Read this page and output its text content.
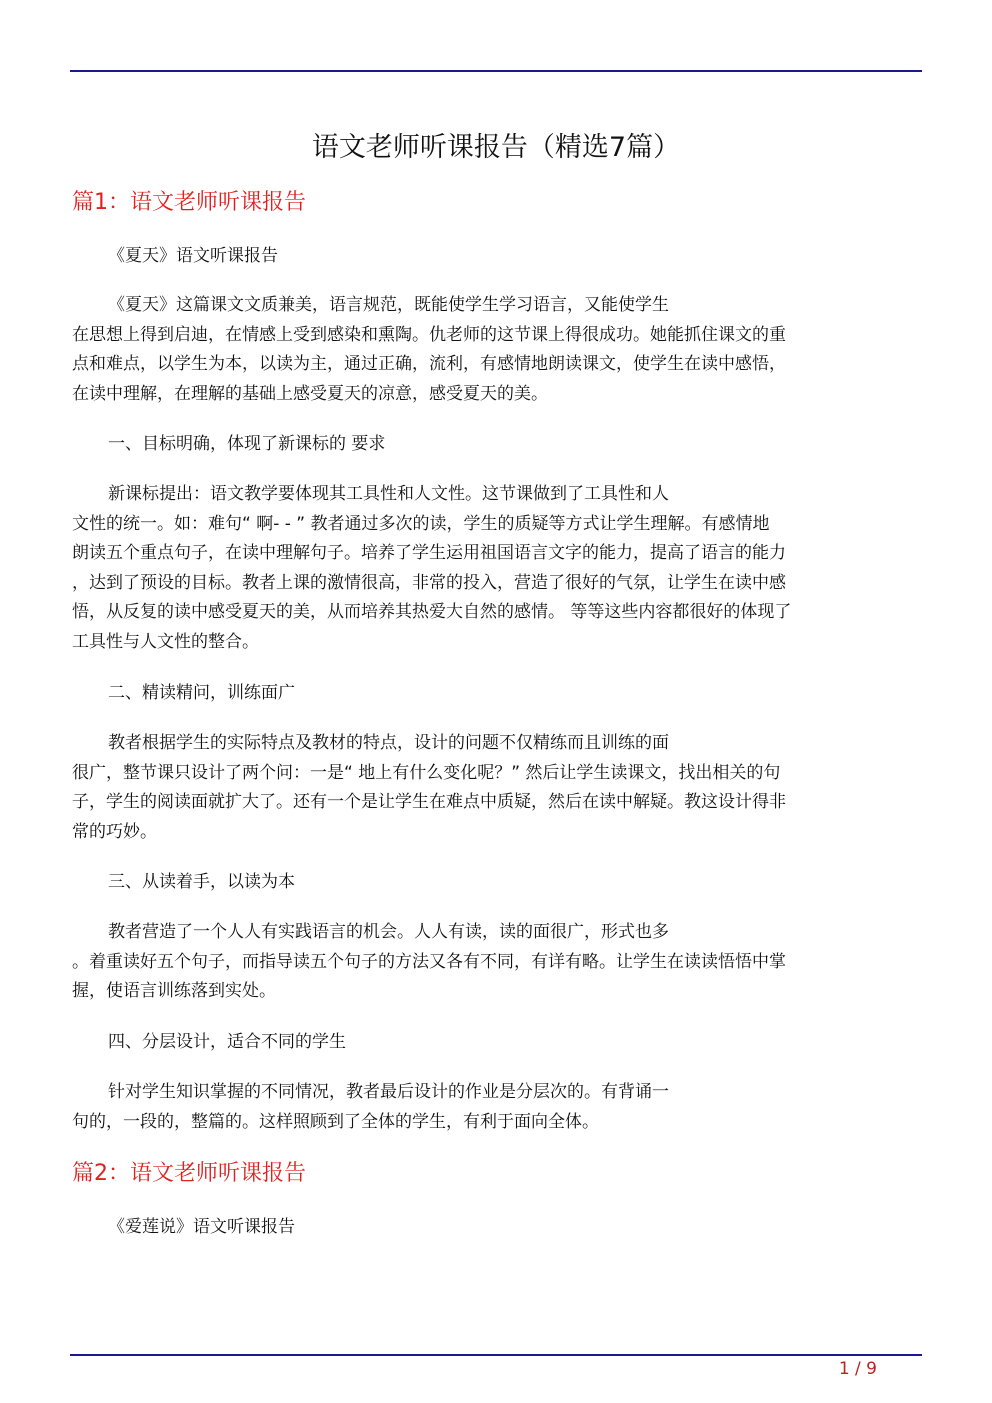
语文老师听课报告（精选7篇）
篇1：语文老师听课报告

《夏天》语文听课报告

《夏天》这篇课文文质兼美，语言规范，既能使学生学习语言，又能使学生
在思想上得到启迪，在情感上受到感染和熏陶。仇老师的这节课上得很成功。她能抓住课文的重
点和难点，以学生为本，以读为主，通过正确，流利，有感情地朗读课文，使学生在读中感悟，
在读中理解，在理解的基础上感受夏天的凉意，感受夏天的美。

一、目标明确，体现了新课标的 要求

新课标提出：语文教学要体现其工具性和人文性。这节课做到了工具性和人
文性的统一。如：难句“ 啊- - ” 教者通过多次的读，学生的质疑等方式让学生理解。有感情地
朗读五个重点句子，在读中理解句子。培养了学生运用祖国语言文字的能力，提高了语言的能力
，达到了预设的目标。教者上课的激情很高，非常的投入，营造了很好的气氛，让学生在读中感
悟，从反复的读中感受夏天的美，从而培养其热爱大自然的感情。 等等这些内容都很好的体现了
工具性与人文性的整合。

二、精读精问，训练面广

教者根据学生的实际特点及教材的特点，设计的问题不仅精练而且训练的面
很广，整节课只设计了两个问：一是“ 地上有什么变化呢？” 然后让学生读课文，找出相关的句
子，学生的阅读面就扩大了。还有一个是让学生在难点中质疑，然后在读中解疑。教这设计得非
常的巧妙。

三、从读着手，以读为本

教者营造了一个人人有实践语言的机会。人人有读，读的面很广，形式也多
。着重读好五个句子，而指导读五个句子的方法又各有不同，有详有略。让学生在读读悟悟中掌
握，使语言训练落到实处。

四、分层设计，适合不同的学生

针对学生知识掌握的不同情况，教者最后设计的作业是分层次的。有背诵一
句的，一段的，整篇的。这样照顾到了全体的学生，有利于面向全体。

篇2：语文老师听课报告

《爱莲说》语文听课报告

1 / 9
